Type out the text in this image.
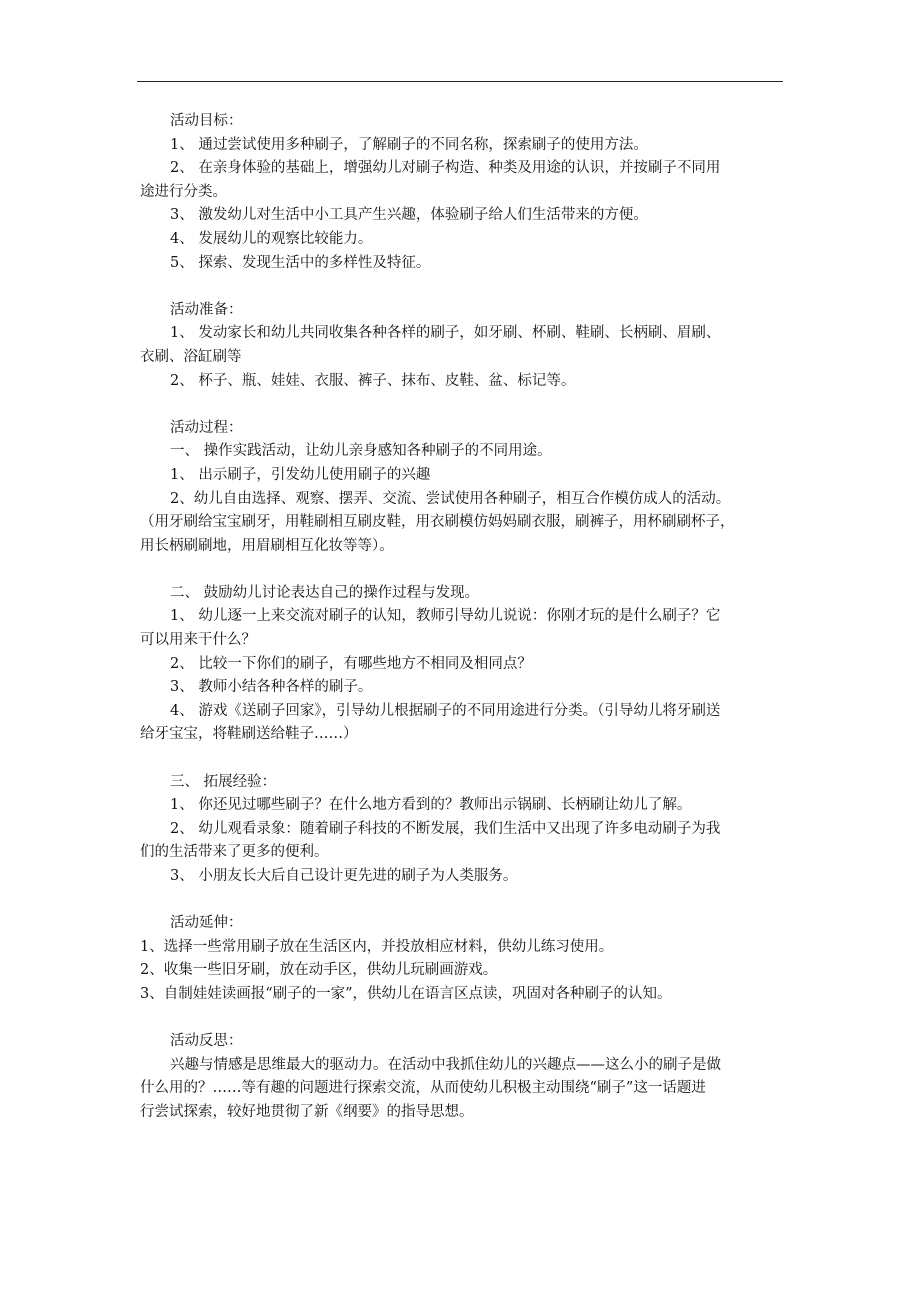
活动目标：
1、 通过尝试使用多种刷子，了解刷子的不同名称，探索刷子的使用方法。
2、 在亲身体验的基础上，增强幼儿对刷子构造、种类及用途的认识，并按刷子不同用
途进行分类。
3、 激发幼儿对生活中小工具产生兴趣，体验刷子给人们生活带来的方便。
4、 发展幼儿的观察比较能力。
5、 探索、发现生活中的多样性及特征。
活动准备：
1、 发动家长和幼儿共同收集各种各样的刷子，如牙刷、杯刷、鞋刷、长柄刷、眉刷、
衣刷、浴缸刷等
2、 杯子、瓶、娃娃、衣服、裤子、抹布、皮鞋、盆、标记等。
活动过程：
一、 操作实践活动，让幼儿亲身感知各种刷子的不同用途。
1、 出示刷子，引发幼儿使用刷子的兴趣
2、幼儿自由选择、观察、摆弄、交流、尝试使用各种刷子，相互合作模仿成人的活动。
（用牙刷给宝宝刷牙，用鞋刷相互刷皮鞋，用衣刷模仿妈妈刷衣服，刷裤子，用杯刷刷杯子，
用长柄刷刷地，用眉刷相互化妆等等）。
二、 鼓励幼儿讨论表达自己的操作过程与发现。
1、 幼儿逐一上来交流对刷子的认知，教师引导幼儿说说：你刚才玩的是什么刷子？它
可以用来干什么？
2、 比较一下你们的刷子，有哪些地方不相同及相同点？
3、 教师小结各种各样的刷子。
4、 游戏《送刷子回家》，引导幼儿根据刷子的不同用途进行分类。（引导幼儿将牙刷送
给牙宝宝，将鞋刷送给鞋子……）
三、 拓展经验：
1、 你还见过哪些刷子？在什么地方看到的？教师出示锅刷、长柄刷让幼儿了解。
2、 幼儿观看录象：随着刷子科技的不断发展，我们生活中又出现了许多电动刷子为我
们的生活带来了更多的便利。
3、 小朋友长大后自己设计更先进的刷子为人类服务。
活动延伸：
1、选择一些常用刷子放在生活区内，并投放相应材料，供幼儿练习使用。
2、收集一些旧牙刷，放在动手区，供幼儿玩刷画游戏。
3、自制娃娃读画报“刷子的一家”，供幼儿在语言区点读，巩固对各种刷子的认知。
活动反思：
兴趣与情感是思维最大的驱动力。在活动中我抓住幼儿的兴趣点——这么小的刷子是做
什么用的？……等有趣的问题进行探索交流，从而使幼儿积极主动围绕“刷子”这一话题进
行尝试探索，较好地贯彻了新《纲要》的指导思想。
